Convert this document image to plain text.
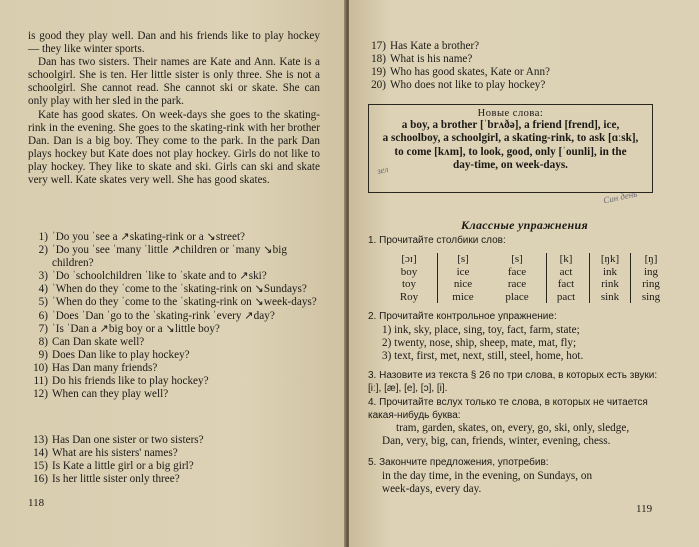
is good they play well. Dan and his friends like to play hockey — they like winter sports.

Dan has two sisters. Their names are Kate and Ann. Kate is a schoolgirl. She is ten. Her little sister is only three. She is not a schoolgirl. She cannot read. She cannot ski or skate. She can only play with her sled in the park.

Kate has good skates. On week-days she goes to the skating-rink in the evening. She goes to the skating-rink with her brother Dan. Dan is a big boy. They come to the park. In the park Dan plays hockey but Kate does not play hockey. Girls do not like to play hockey. They like to skate and ski. Girls can ski and skate very well. Kate skates very well. She has good skates.

1) ˈDo you ˈsee a ↗skating-rink or a ↘street?
2) ˈDo you ˈsee ˈmany ˈlittle ↗children or ˈmany ↘big children?
3) ˈDo ˈschoolchildren ˈlike to ˈskate and to ↗ski?
4) ˈWhen do they ˈcome to the ˈskating-rink on ↘Sundays?
5) ˈWhen do they ˈcome to the ˈskating-rink on ↘week-days?
6) ˈDoes ˈDan ˈgo to the ˈskating-rink ˈevery ↗day?
7) ˈIs ˈDan a ↗big boy or a ↘little boy?
8) Can Dan skate well?
9) Does Dan like to play hockey?
10) Has Dan many friends?
11) Do his friends like to play hockey?
12) When can they play well?
13) Has Dan one sister or two sisters?
14) What are his sisters' names?
15) Is Kate a little girl or a big girl?
16) Is her little sister only three?
118
17) Has Kate a brother?
18) What is his name?
19) Who has good skates, Kate or Ann?
20) Who does not like to play hockey?
Новые слова:
a boy, a brother [ˈbrʌðə], a friend [frend], ice,
a schoolboy, a schoolgirl, a skating-rink, to ask [ɑːsk],
to come [kʌm], to look, good, only [ˈounli], in the
day-time, on week-days.
зел
Син день
Классные упражнения
1. Прочитайте столбики слов:
[ɔɪ]
boy
toy
Roy
[s]
ice
nice
mice
[s]
face
race
place
[k]
act
fact
pact
[ŋk]
ink
rink
sink
[ŋ]
ing
ring
sing
2. Прочитайте контрольное упражнение:
1) ink, sky, place, sing, toy, fact, farm, state;
2) twenty, nose, ship, sheep, mate, mat, fly;
3) text, first, met, next, still, steel, home, hot.
3. Назовите из текста § 26 по три слова, в которых есть звуки: [iː], [æ], [e], [ɔ], [i].
4. Прочитайте вслух только те слова, в которых не читается какая-нибудь буква:
tram, garden, skates, on, every, go, ski, only, sledge,
Dan, very, big, can, friends, winter, evening, chess.
5. Закончите предложения, употребив:
in the day time, in the evening, on Sundays, on
week-days, every day.
119
